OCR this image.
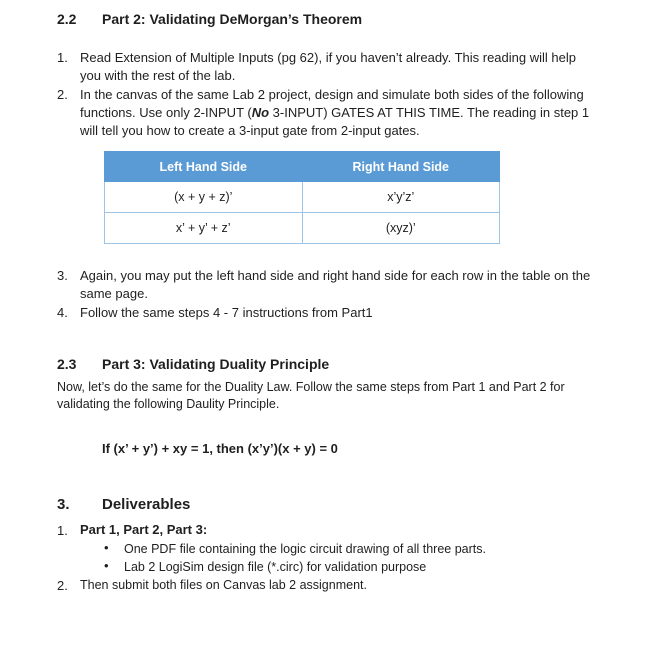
2.2 Part 2: Validating DeMorgan’s Theorem
1. Read Extension of Multiple Inputs (pg 62), if you haven’t already. This reading will help
you with the rest of the lab.
2. In the canvas of the same Lab 2 project, design and simulate both sides of the following
functions. Use only 2-INPUT (No 3-INPUT) GATES AT THIS TIME. The reading in step 1
will tell you how to create a 3-input gate from 2-input gates.
Left Hand Side	Right Hand Side
(x + y + z)’	x’y’z’
x’ + y’ + z’	(xyz)’
3. Again, you may put the left hand side and right hand side for each row in the table on the
same page.
4. Follow the same steps 4 - 7 instructions from Part1
2.3 Part 3: Validating Duality Principle
Now, let’s do the same for the Duality Law. Follow the same steps from Part 1 and Part 2 for
validating the following Daulity Principle.
If (x’ + y’) + xy = 1, then (x’y’)(x + y) = 0
3. Deliverables
1. Part 1, Part 2, Part 3:
• One PDF file containing the logic circuit drawing of all three parts.
• Lab 2 LogiSim design file (*.circ) for validation purpose
2. Then submit both files on Canvas lab 2 assignment.
